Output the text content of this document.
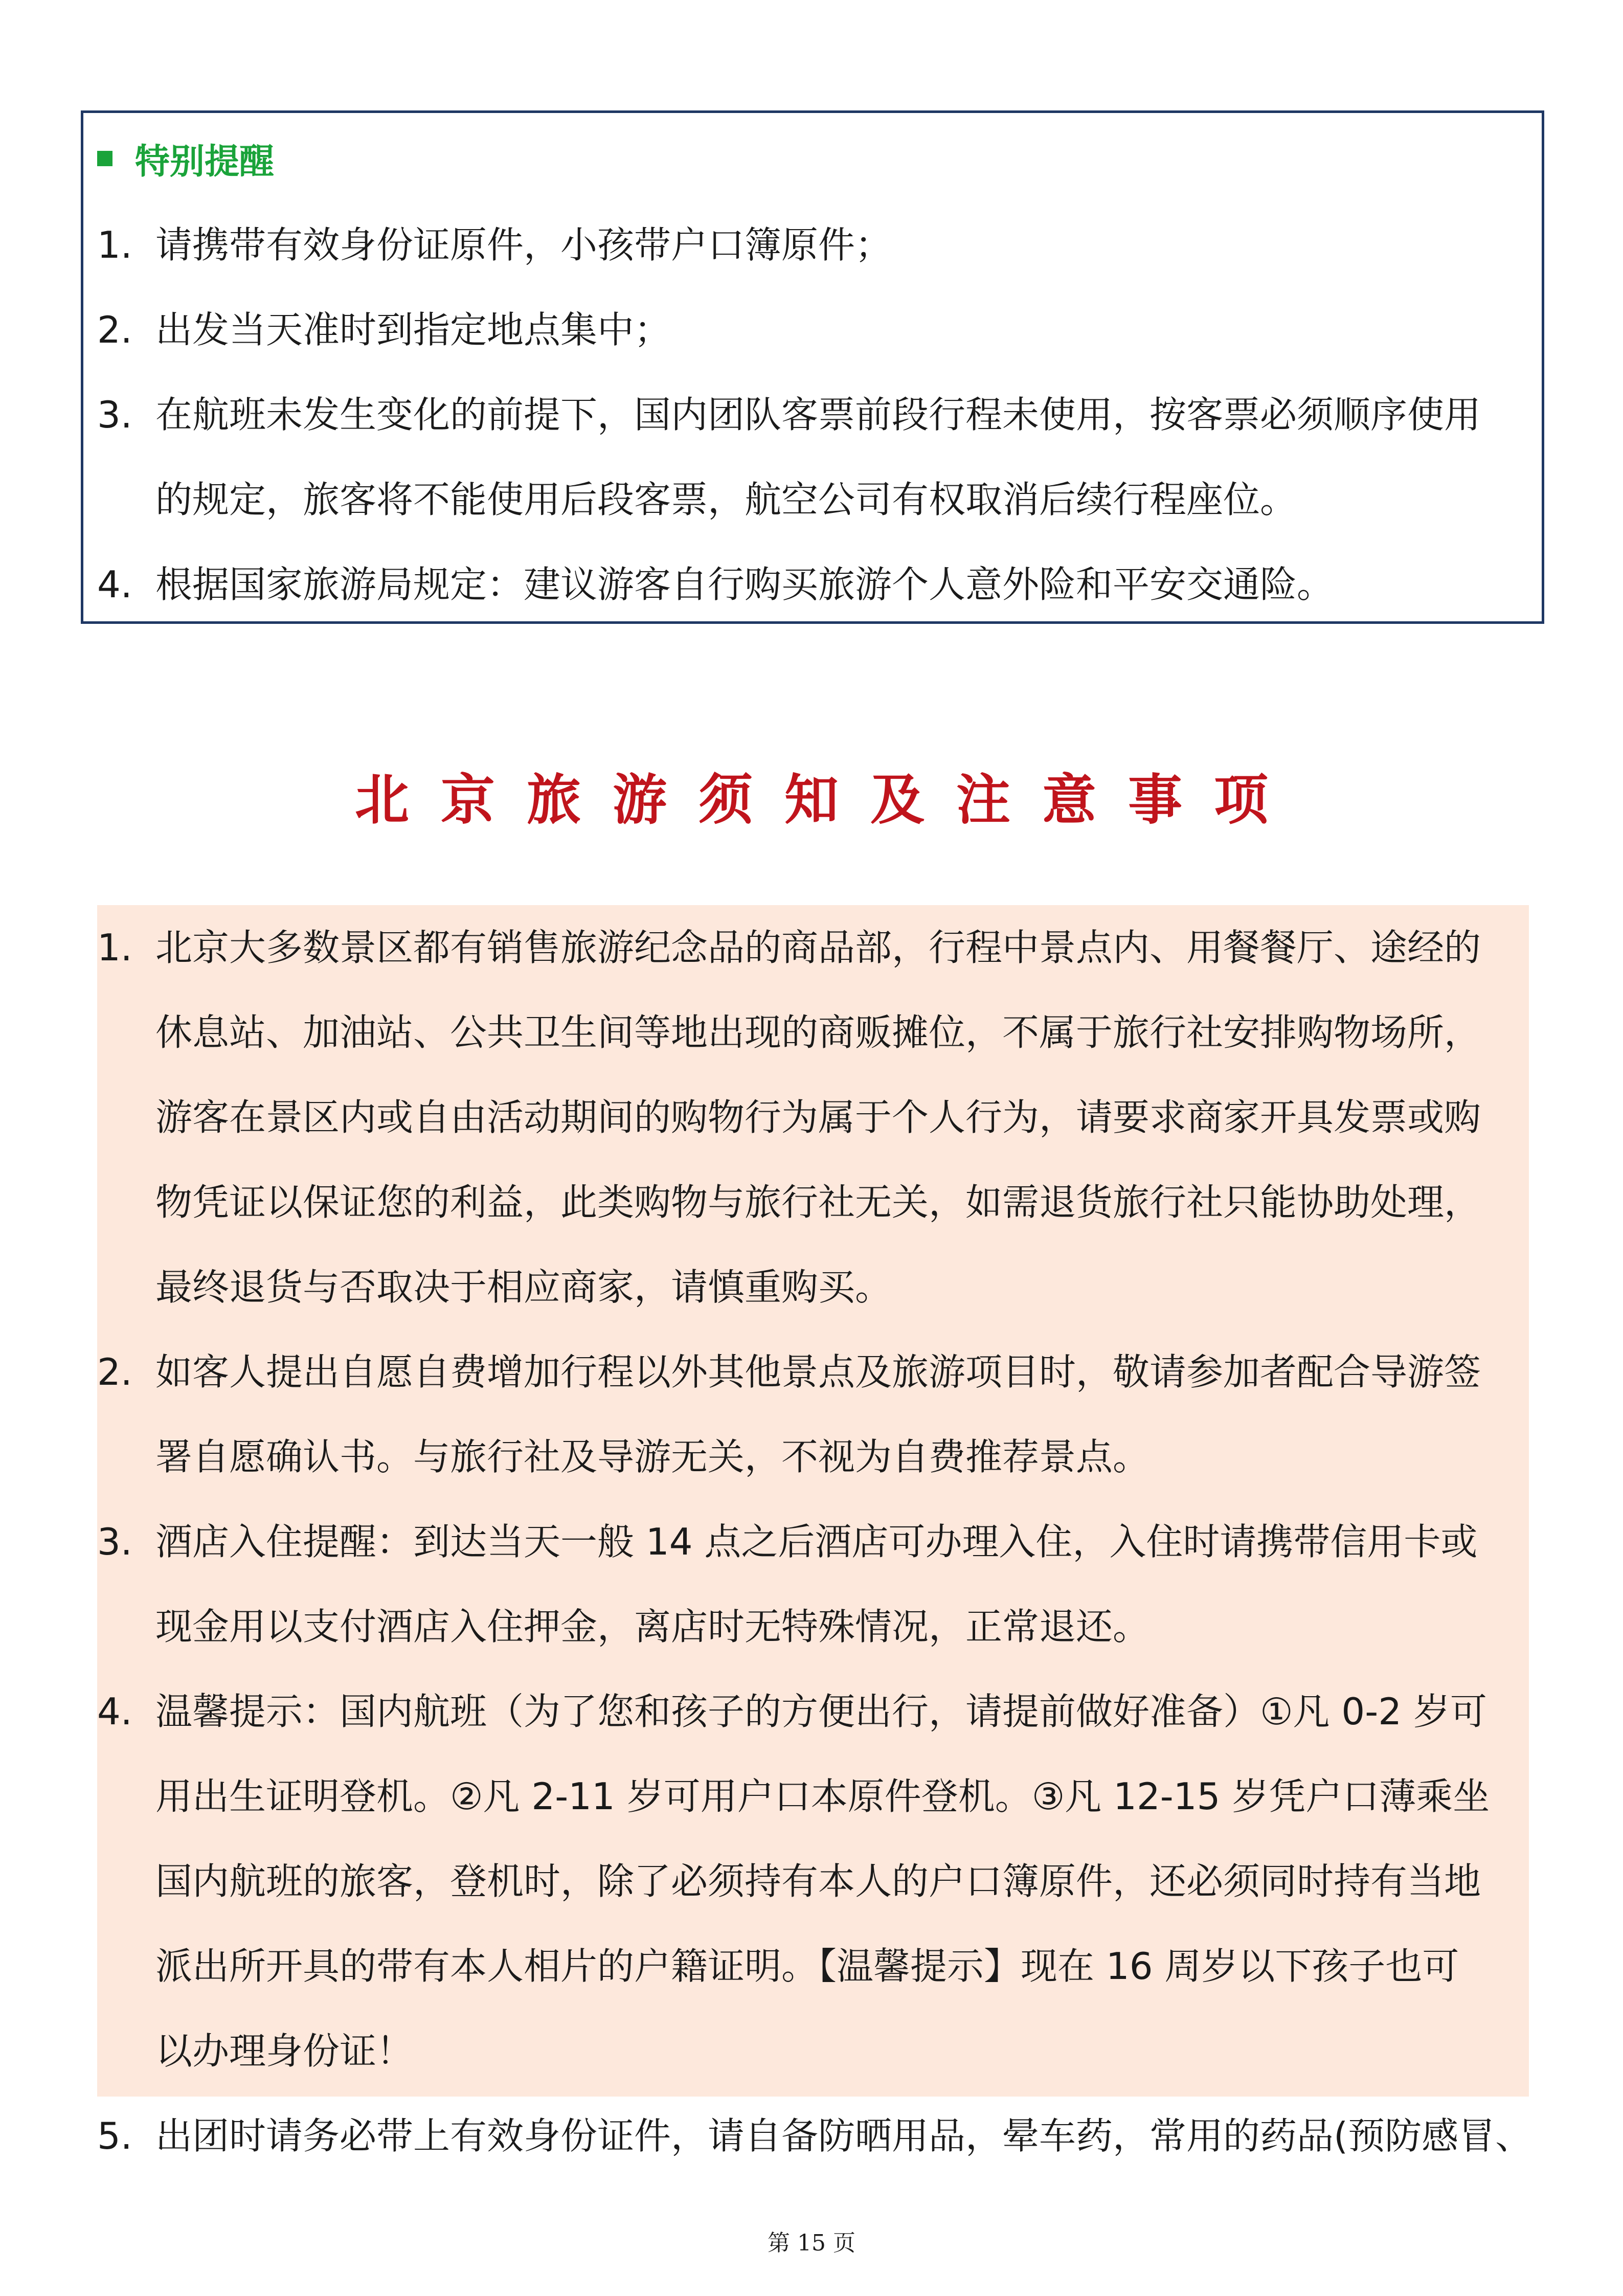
特别提醒
1. 请携带有效身份证原件，小孩带户口簿原件；
2. 出发当天准时到指定地点集中；
3. 在航班未发生变化的前提下，国内团队客票前段行程未使用，按客票必须顺序使用
的规定，旅客将不能使用后段客票，航空公司有权取消后续行程座位。
4. 根据国家旅游局规定：建议游客自行购买旅游个人意外险和平安交通险。
北京旅游须知及注意事项
1. 北京大多数景区都有销售旅游纪念品的商品部，行程中景点内、用餐餐厅、途经的
休息站、加油站、公共卫生间等地出现的商贩摊位，不属于旅行社安排购物场所，
游客在景区内或自由活动期间的购物行为属于个人行为，请要求商家开具发票或购
物凭证以保证您的利益，此类购物与旅行社无关，如需退货旅行社只能协助处理，
最终退货与否取决于相应商家，请慎重购买。
2. 如客人提出自愿自费增加行程以外其他景点及旅游项目时，敬请参加者配合导游签
署自愿确认书。与旅行社及导游无关，不视为自费推荐景点。
3. 酒店入住提醒：到达当天一般 14 点之后酒店可办理入住，入住时请携带信用卡或
现金用以支付酒店入住押金，离店时无特殊情况，正常退还。
4. 温馨提示：国内航班（为了您和孩子的方便出行，请提前做好准备）①凡 0-2 岁可
用出生证明登机。②凡 2-11 岁可用户口本原件登机。③凡 12-15 岁凭户口薄乘坐
国内航班的旅客，登机时，除了必须持有本人的户口簿原件，还必须同时持有当地
派出所开具的带有本人相片的户籍证明。【温馨提示】现在 16 周岁以下孩子也可
以办理身份证！
5. 出团时请务必带上有效身份证件，请自备防晒用品，晕车药，常用的药品(预防感冒、
第 15 页
